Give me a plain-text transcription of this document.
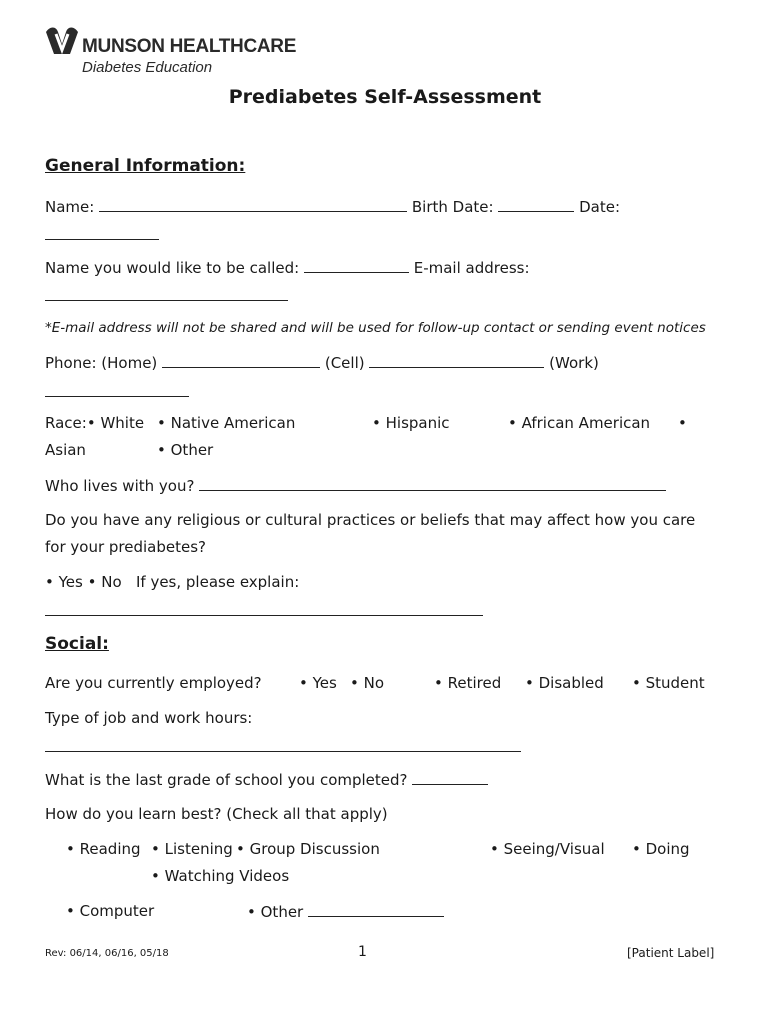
MUNSON HEALTHCARE
Diabetes Education
Prediabetes Self-Assessment
General Information:
Name:	Birth Date:	Date:
Name you would like to be called:	E-mail address:
*E-mail address will not be shared and will be used for follow-up contact or sending event notices
Phone: (Home)	(Cell)	(Work)
Race:• White • Native American	• Hispanic	• African American •
Asian	• Other
Who lives with you?
Do you have any religious or cultural practices or beliefs that may affect how you care
for your prediabetes?
• Yes • No If yes, please explain:
Social:
Are you currently employed? • Yes • No	• Retired • Disabled • Student
Type of job and work hours:
What is the last grade of school you completed?
How do you learn best? (Check all that apply)
• Reading • Listening • Group Discussion	• Seeing/Visual • Doing
• Watching Videos
• Computer	• Other
Rev: 06/14, 06/16, 05/18	1	[Patient Label]
